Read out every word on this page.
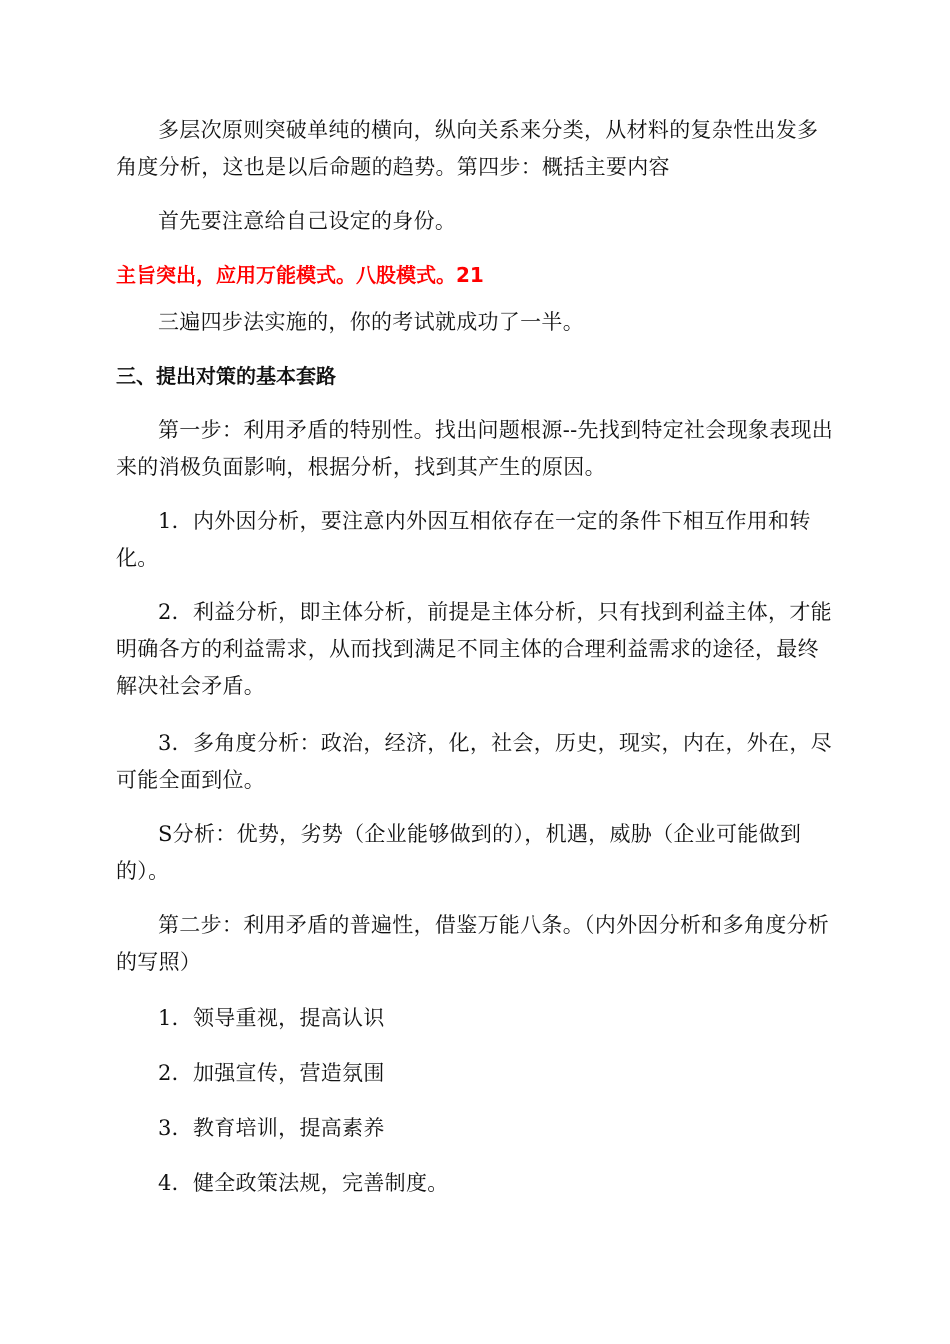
多层次原则突破单纯的横向，纵向关系来分类，从材料的复杂性出发多角度分析，这也是以后命题的趋势。第四步：概括主要内容

首先要注意给自己设定的身份。

主旨突出，应用万能模式。八股模式。21

三遍四步法实施的，你的考试就成功了一半。

三、提出对策的基本套路

第一步：利用矛盾的特别性。找出问题根源--先找到特定社会现象表现出来的消极负面影响，根据分析，找到其产生的原因。

1．内外因分析，要注意内外因互相依存在一定的条件下相互作用和转化。

2．利益分析，即主体分析，前提是主体分析，只有找到利益主体，才能明确各方的利益需求，从而找到满足不同主体的合理利益需求的途径，最终解决社会矛盾。

3．多角度分析：政治，经济，化，社会，历史，现实，内在，外在，尽可能全面到位。

S分析：优势，劣势（企业能够做到的），机遇，威胁（企业可能做到的）。

第二步：利用矛盾的普遍性，借鉴万能八条。（内外因分析和多角度分析的写照）

1．领导重视，提高认识

2．加强宣传，营造氛围

3．教育培训，提高素养

4．健全政策法规，完善制度。
